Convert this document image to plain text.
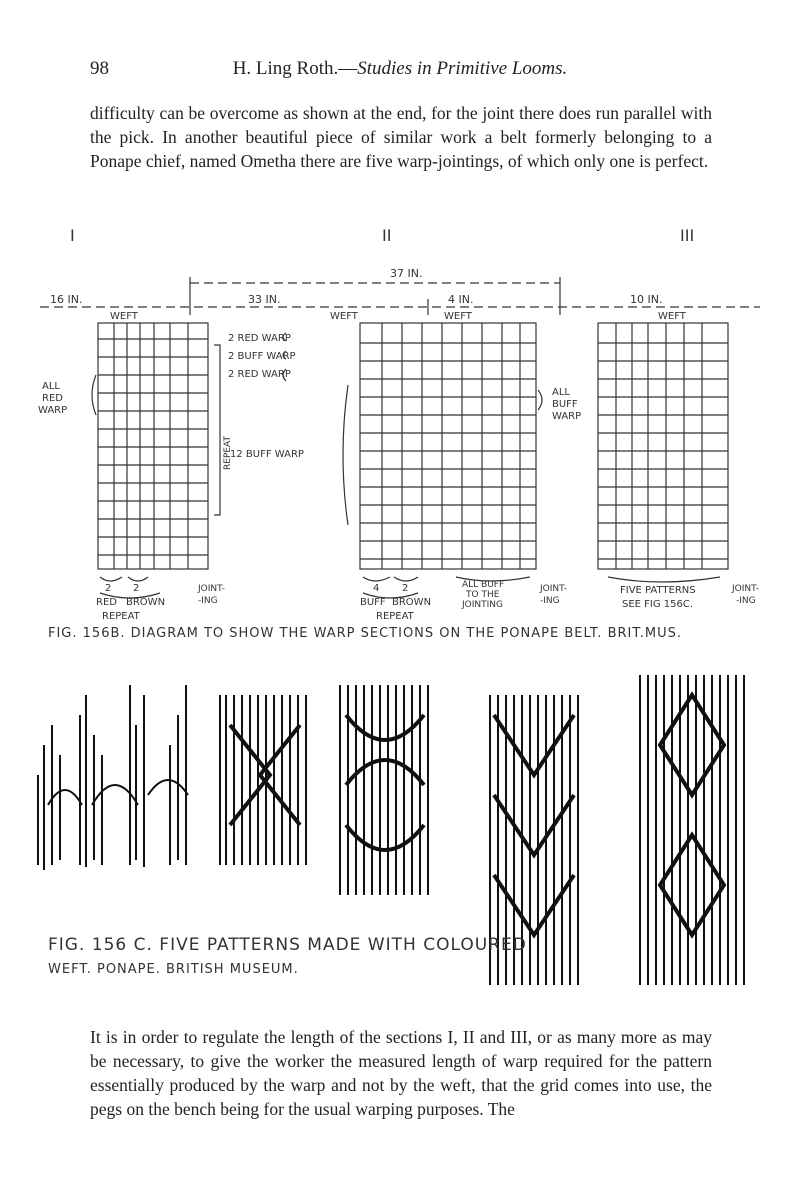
98	H. Ling Roth.—Studies in Primitive Looms.
difficulty can be overcome as shown at the end, for the joint there does run parallel with the pick. In another beautiful piece of similar work a belt formerly belonging to a Ponape chief, named Ometha there are five warp-jointings, of which only one is perfect.
I	II	III
37 IN.
16 IN.	33 IN.	4 IN.	10 IN.
WEFT	WEFT	WEFT	WEFT
ALL
RED
WARP
REPEAT
2 RED WARP
2 BUFF WARP
2 RED WARP
12 BUFF WARP
ALL
BUFF
WARP
2 2
RED BROWN
REPEAT
JOINT-
-ING
4 2
BUFF BROWN
REPEAT
ALL BUFF
TO THE
JOINTING
JOINT-
-ING
FIVE PATTERNS
SEE FIG 156C.
JOINT-
-ING
FIG. 156B. DIAGRAM TO SHOW THE WARP SECTIONS ON THE PONAPE BELT. BRIT.MUS.
FIG. 156 C. FIVE PATTERNS MADE WITH COLOURED
WEFT. PONAPE. BRITISH MUSEUM.
It is in order to regulate the length of the sections I, II and III, or as many more as may be necessary, to give the worker the measured length of warp required for the pattern essentially produced by the warp and not by the weft, that the grid comes into use, the pegs on the bench being for the usual warping purposes. The
